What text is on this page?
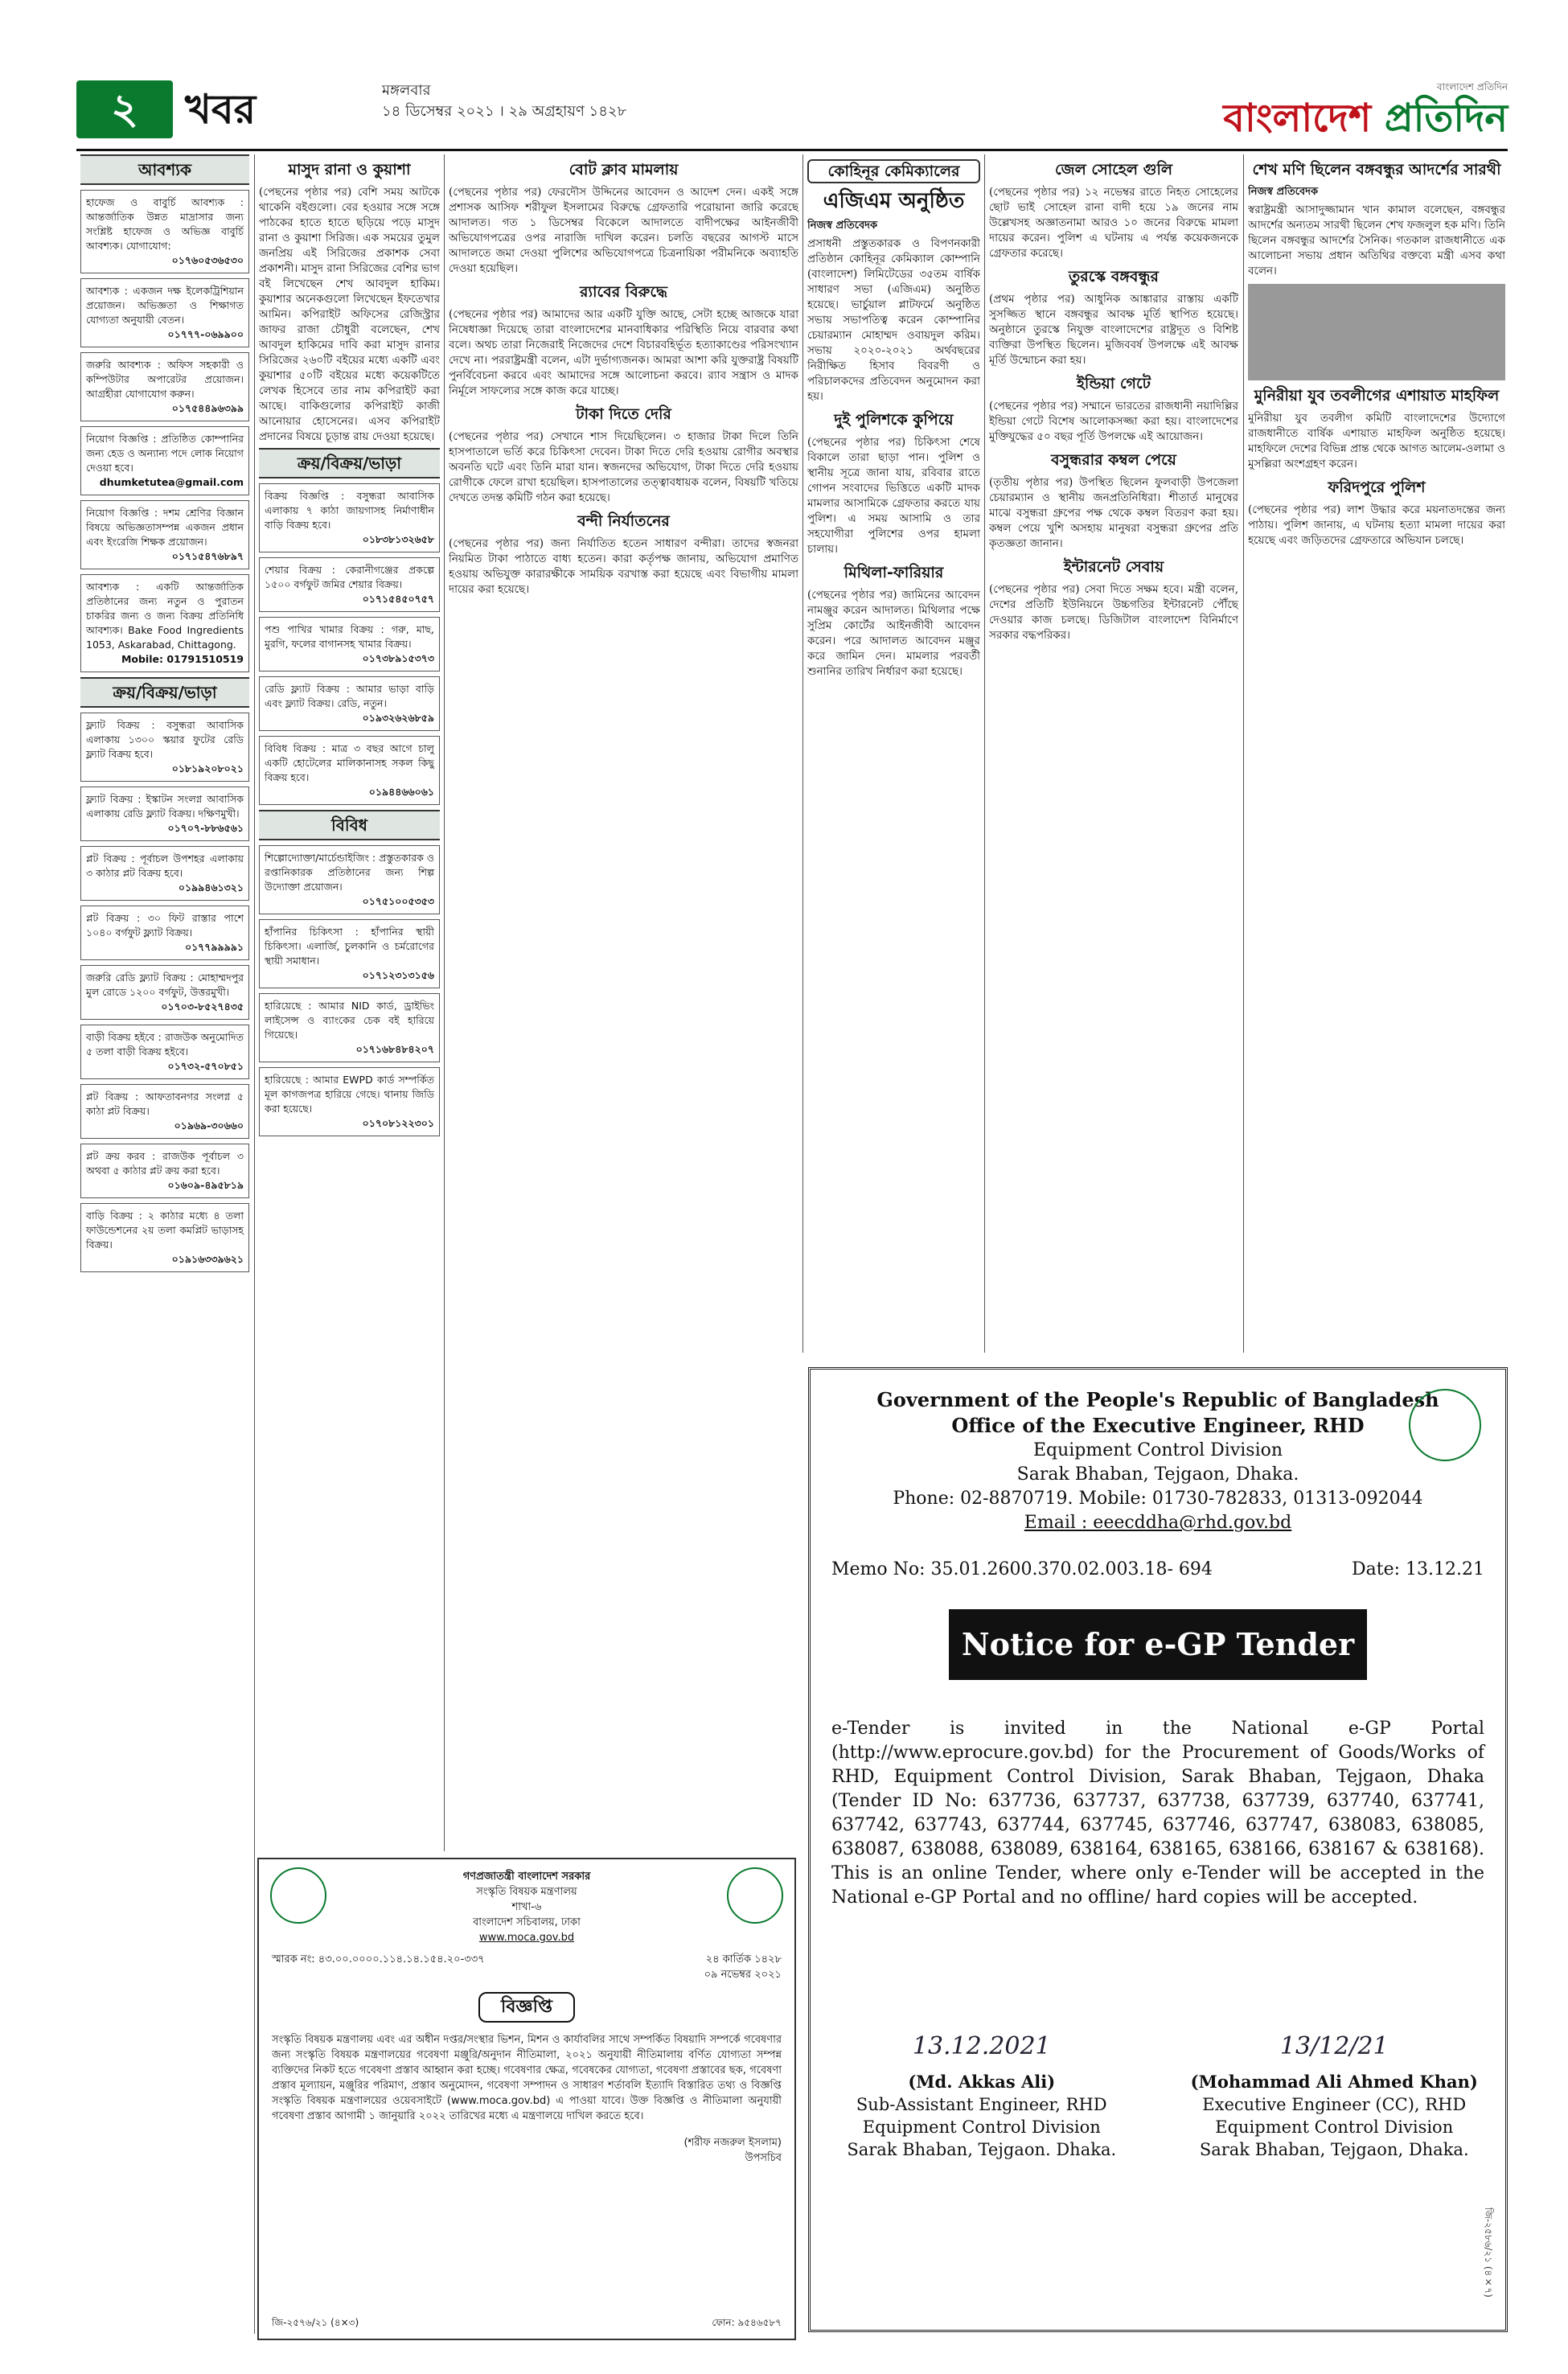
২	খবর	মঙ্গলবার
১৪ ডিসেম্বর ২০২১ । ২৯ অগ্রহায়ণ ১৪২৮
বাংলাদেশ প্রতিদিন
বাংলাদেশ প্রতিদিন
আবশ্যক
হাফেজ ও বাবুর্চি আবশ্যক : আন্তর্জাতিক উন্নত মাদ্রাসার জন্য সংশ্লিষ্ট হাফেজ ও অভিজ্ঞ বাবুর্চি আবশ্যক। যোগাযোগ:
০১৭৬০৫৩৬৫৩০
আবশ্যক : একজন দক্ষ ইলেকট্রিশিয়ান প্রয়োজন। অভিজ্ঞতা ও শিক্ষাগত যোগ্যতা অনুযায়ী বেতন।
০১৭৭৭-০৬৯৯০০
জরুরি আবশ্যক : অফিস সহকারী ও কম্পিউটার অপারেটর প্রয়োজন। আগ্রহীরা যোগাযোগ করুন।
০১৭৫৪৪৯৬৩৯৯
নিয়োগ বিজ্ঞপ্তি : প্রতিষ্ঠিত কোম্পানির জন্য হেড ও অন্যান্য পদে লোক নিয়োগ দেওয়া হবে।
dhumketutea@gmail.com
নিয়োগ বিজ্ঞপ্তি : দশম শ্রেণির বিজ্ঞান বিষয়ে অভিজ্ঞতাসম্পন্ন একজন প্রধান এবং ইংরেজি শিক্ষক প্রয়োজন।
০১৭১৫৪৭৬৮৯৭
আবশ্যক : একটি আন্তর্জাতিক প্রতিষ্ঠানের জন্য নতুন ও পুরাতন চাকরির জন্য ও জন্য বিক্রয় প্রতিনিধি আবশ্যক। Bake Food Ingredients 1053, Askarabad, Chittagong.
Mobile: 01791510519
ক্রয়/বিক্রয়/ভাড়া
ফ্ল্যাট বিক্রয় : বসুন্ধরা আবাসিক এলাকায় ১৩০০ স্কয়ার ফুটের রেডি ফ্ল্যাট বিক্রয় হবে।
০১৮১৯২০৮০২১
ফ্ল্যাট বিক্রয় : ইস্কাটন সংলগ্ন আবাসিক এলাকায় রেডি ফ্ল্যাট বিক্রয়। দক্ষিণমুখী।
০১৭০৭-৮৮৬৫৬১
প্লট বিক্রয় : পূর্বাচল উপশহর এলাকায় ৩ কাঠার প্লট বিক্রয় হবে।
০১৯৯৪৬১৩২১
প্লট বিক্রয় : ৩০ ফিট রাস্তার পাশে ১০৪০ বর্গফুট ফ্ল্যাট বিক্রয়।
০১৭৭৯৯৯৯১
জরুরি রেডি ফ্ল্যাট বিক্রয় : মোহাম্মদপুর মুল রোডে ১২০০ বর্গফুট, উত্তরমুখী।
০১৭০৩-৮৫২৭৪৩৫
বাড়ী বিক্রয় হইবে : রাজউক অনুমোদিত ৫ তলা বাড়ী বিক্রয় হইবে।
০১৭৩২-৫৭০৮৫১
প্লট বিক্রয় : আফতাবনগর সংলগ্ন ৫ কাঠা প্লট বিক্রয়।
০১৯৬৯-৩০৬৬০
প্লট ক্রয় করব : রাজউক পূর্বাচল ৩ অথবা ৫ কাঠার প্লট ক্রয় করা হবে।
০১৬০৯-৪৯৫৮১৯
বাড়ি বিক্রয় : ২ কাঠার মধ্যে ৪ তলা ফাউন্ডেশনের ২য় তলা কমপ্লিট ভাড়াসহ বিক্রয়।
০১৯১৬৩৩৯৬২১
মাসুদ রানা ও কুয়াশা

(পেছনের পৃষ্ঠার পর) বেশি সময় আটকে থাকেনি বইগুলো। বের হওয়ার সঙ্গে সঙ্গে পাঠকের হাতে হাতে ছড়িয়ে পড়ে মাসুদ রানা ও কুয়াশা সিরিজ। এক সময়ের তুমুল জনপ্রিয় এই সিরিজের প্রকাশক সেবা প্রকাশনী। মাসুদ রানা সিরিজের বেশির ভাগ বই লিখেছেন শেখ আবদুল হাকিম। কুয়াশার অনেকগুলো লিখেছেন ইফতেখার আমিন। কপিরাইট অফিসের রেজিস্ট্রার জাফর রাজা চৌধুরী বলেছেন, শেখ আবদুল হাকিমের দাবি করা মাসুদ রানার সিরিজের ২৬০টি বইয়ের মধ্যে একটি এবং কুয়াশার ৫০টি বইয়ের মধ্যে কয়েকটিতে লেখক হিসেবে তার নাম কপিরাইট করা আছে। বাকিগুলোর কপিরাইট কাজী আনোয়ার হোসেনের। এসব কপিরাইট প্রদানের বিষয়ে চূড়ান্ত রায় দেওয়া হয়েছে।

ক্রয়/বিক্রয়/ভাড়া
বিক্রয় বিজ্ঞপ্তি : বসুন্ধরা আবাসিক এলাকায় ৭ কাঠা জায়গাসহ নির্মাণাধীন বাড়ি বিক্রয় হবে।
০১৮৩৮১৩২৬৫৮
শেয়ার বিক্রয় : কেরানীগঞ্জের প্রকল্পে ১৫০০ বর্গফুট জমির শেয়ার বিক্রয়।
০১৭১৫৪৫০৭৫৭
পশু পাখির খামার বিক্রয় : গরু, মাছ, মুরগি, ফলের বাগানসহ খামার বিক্রয়।
০১৭৩৮৯১৫৩৭৩
রেডি ফ্ল্যাট বিক্রয় : আমার ভাড়া বাড়ি এবং ফ্ল্যাট বিক্রয়। রেডি, নতুন।
০১৯৩২৬২৬৮৫৯
বিবিধ বিক্রয় : মাত্র ৩ বছর আগে চালু একটি হোটেলের মালিকানাসহ সকল কিছু বিক্রয় হবে।
০১৯৪৪৬৬০৬১
বিবিধ
শিল্পোদ্যোক্তা/মার্চেন্ডাইজিং : প্রস্তুতকারক ও রপ্তানিকারক প্রতিষ্ঠানের জন্য শিল্প উদ্যোক্তা প্রয়োজন।
০১৭৫১০০৫৩৫৩
হাঁপানির চিকিৎসা : হাঁপানির স্থায়ী চিকিৎসা। এলার্জি, চুলকানি ও চর্মরোগের স্থায়ী সমাধান।
০১৭১২৩১৩১৫৬
হারিয়েছে : আমার NID কার্ড, ড্রাইভিং লাইসেন্স ও ব্যাংকের চেক বই হারিয়ে গিয়েছে।
০১৭১৬৮৪৮৪২০৭
হারিয়েছে : আমার EWPD কার্ড সম্পর্কিত মূল কাগজপত্র হারিয়ে গেছে। থানায় জিডি করা হয়েছে।
০১৭০৮১২২৩০১
বোট ক্লাব মামলায়

(পেছনের পৃষ্ঠার পর) ফেরদৌস উদ্দিনের আবেদন ও আদেশ দেন। একই সঙ্গে প্রশাসক আসিফ শরীফুল ইসলামের বিরুদ্ধে গ্রেফতারি পরোয়ানা জারি করেছে আদালত। গত ১ ডিসেম্বর বিকেলে আদালতে বাদীপক্ষের আইনজীবী অভিযোগপত্রের ওপর নারাজি দাখিল করেন। চলতি বছরের আগস্ট মাসে আদালতে জমা দেওয়া পুলিশের অভিযোগপত্রে চিত্রনায়িকা পরীমনিকে অব্যাহতি দেওয়া হয়েছিল।

র‌্যাবের বিরুদ্ধে

(পেছনের পৃষ্ঠার পর) আমাদের আর একটি যুক্তি আছে, সেটা হচ্ছে আজকে যারা নিষেধাজ্ঞা দিয়েছে তারা বাংলাদেশের মানবাধিকার পরিস্থিতি নিয়ে বারবার কথা বলে। অথচ তারা নিজেরাই নিজেদের দেশে বিচারবহির্ভূত হত্যাকাণ্ডের পরিসংখ্যান দেখে না। পররাষ্ট্রমন্ত্রী বলেন, এটা দুর্ভাগ্যজনক। আমরা আশা করি যুক্তরাষ্ট্র বিষয়টি পুনর্বিবেচনা করবে এবং আমাদের সঙ্গে আলোচনা করবে। র‌্যাব সন্ত্রাস ও মাদক নির্মূলে সাফল্যের সঙ্গে কাজ করে যাচ্ছে।

টাকা দিতে দেরি

(পেছনের পৃষ্ঠার পর) সেখানে শাস দিয়েছিলেন। ৩ হাজার টাকা দিলে তিনি হাসপাতালে ভর্তি করে চিকিৎসা দেবেন। টাকা দিতে দেরি হওয়ায় রোগীর অবস্থার অবনতি ঘটে এবং তিনি মারা যান। স্বজনদের অভিযোগ, টাকা দিতে দেরি হওয়ায় রোগীকে ফেলে রাখা হয়েছিল। হাসপাতালের তত্ত্বাবধায়ক বলেন, বিষয়টি খতিয়ে দেখতে তদন্ত কমিটি গঠন করা হয়েছে।

বন্দী নির্যাতনের

(পেছনের পৃষ্ঠার পর) জন্য নির্যাতিত হতেন সাধারণ বন্দীরা। তাদের স্বজনরা নিয়মিত টাকা পাঠাতে বাধ্য হতেন। কারা কর্তৃপক্ষ জানায়, অভিযোগ প্রমাণিত হওয়ায় অভিযুক্ত কারারক্ষীকে সাময়িক বরখাস্ত করা হয়েছে এবং বিভাগীয় মামলা দায়ের করা হয়েছে।

কোহিনূর কেমিক্যালের
এজিএম অনুষ্ঠিত
নিজস্ব প্রতিবেদক

প্রসাধনী প্রস্তুতকারক ও বিপণনকারী প্রতিষ্ঠান কোহিনূর কেমিক্যাল কোম্পানি (বাংলাদেশ) লিমিটেডের ৩৫তম বার্ষিক সাধারণ সভা (এজিএম) অনুষ্ঠিত হয়েছে। ভার্চুয়াল প্লাটফর্মে অনুষ্ঠিত সভায় সভাপতিত্ব করেন কোম্পানির চেয়ারম্যান মোহাম্মদ ওবায়দুল করিম। সভায় ২০২০-২০২১ অর্থবছরের নিরীক্ষিত হিসাব বিবরণী ও পরিচালকদের প্রতিবেদন অনুমোদন করা হয়।

দুই পুলিশকে কুপিয়ে

(পেছনের পৃষ্ঠার পর) চিকিৎসা শেষে বিকালে তারা ছাড়া পান। পুলিশ ও স্থানীয় সূত্রে জানা যায়, রবিবার রাতে গোপন সংবাদের ভিত্তিতে একটি মাদক মামলার আসামিকে গ্রেফতার করতে যায় পুলিশ। এ সময় আসামি ও তার সহযোগীরা পুলিশের ওপর হামলা চালায়।

মিথিলা-ফারিয়ার

(পেছনের পৃষ্ঠার পর) জামিনের আবেদন নামঞ্জুর করেন আদালত। মিথিলার পক্ষে সুপ্রিম কোর্টের আইনজীবী আবেদন করেন। পরে আদালত আবেদন মঞ্জুর করে জামিন দেন। মামলার পরবর্তী শুনানির তারিখ নির্ধারণ করা হয়েছে।

জেল সোহেল গুলি

(পেছনের পৃষ্ঠার পর) ১২ নভেম্বর রাতে নিহত সোহেলের ছোট ভাই সোহেল রানা বাদী হয়ে ১৯ জনের নাম উল্লেখসহ অজ্ঞাতনামা আরও ১০ জনের বিরুদ্ধে মামলা দায়ের করেন। পুলিশ এ ঘটনায় এ পর্যন্ত কয়েকজনকে গ্রেফতার করেছে।

তুরস্কে বঙ্গবন্ধুর

(প্রথম পৃষ্ঠার পর) আধুনিক আঙ্কারার রাস্তায় একটি সুসজ্জিত স্থানে বঙ্গবন্ধুর আবক্ষ মূর্তি স্থাপিত হয়েছে। অনুষ্ঠানে তুরস্কে নিযুক্ত বাংলাদেশের রাষ্ট্রদূত ও বিশিষ্ট ব্যক্তিরা উপস্থিত ছিলেন। মুজিববর্ষ উপলক্ষে এই আবক্ষ মূর্তি উন্মোচন করা হয়।

ইন্ডিয়া গেটে

(পেছনের পৃষ্ঠার পর) সম্মানে ভারতের রাজধানী নয়াদিল্লির ইন্ডিয়া গেটে বিশেষ আলোকসজ্জা করা হয়। বাংলাদেশের মুক্তিযুদ্ধের ৫০ বছর পূর্তি উপলক্ষে এই আয়োজন।

বসুন্ধরার কম্বল পেয়ে

(তৃতীয় পৃষ্ঠার পর) উপস্থিত ছিলেন ফুলবাড়ী উপজেলা চেয়ারম্যান ও স্থানীয় জনপ্রতিনিধিরা। শীতার্ত মানুষের মাঝে বসুন্ধরা গ্রুপের পক্ষ থেকে কম্বল বিতরণ করা হয়। কম্বল পেয়ে খুশি অসহায় মানুষরা বসুন্ধরা গ্রুপের প্রতি কৃতজ্ঞতা জানান।

ইন্টারনেট সেবায়

(পেছনের পৃষ্ঠার পর) সেবা দিতে সক্ষম হবে। মন্ত্রী বলেন, দেশের প্রতিটি ইউনিয়নে উচ্চগতির ইন্টারনেট পৌঁছে দেওয়ার কাজ চলছে। ডিজিটাল বাংলাদেশ বিনির্মাণে সরকার বদ্ধপরিকর।

শেখ মণি ছিলেন বঙ্গবন্ধুর আদর্শের সারথী
নিজস্ব প্রতিবেদক

স্বরাষ্ট্রমন্ত্রী আসাদুজ্জামান খান কামাল বলেছেন, বঙ্গবন্ধুর আদর্শের অন্যতম সারথী ছিলেন শেখ ফজলুল হক মণি। তিনি ছিলেন বঙ্গবন্ধুর আদর্শের সৈনিক। গতকাল রাজধানীতে এক আলোচনা সভায় প্রধান অতিথির বক্তব্যে মন্ত্রী এসব কথা বলেন।

মুনিরীয়া যুব তবলীগের এশায়াত মাহফিল

মুনিরীয়া যুব তবলীগ কমিটি বাংলাদেশের উদ্যোগে রাজধানীতে বার্ষিক এশায়াত মাহফিল অনুষ্ঠিত হয়েছে। মাহফিলে দেশের বিভিন্ন প্রান্ত থেকে আগত আলেম-ওলামা ও মুসল্লিরা অংশগ্রহণ করেন।

ফরিদপুরে পুলিশ

(পেছনের পৃষ্ঠার পর) লাশ উদ্ধার করে ময়নাতদন্তের জন্য পাঠায়। পুলিশ জানায়, এ ঘটনায় হত্যা মামলা দায়ের করা হয়েছে এবং জড়িতদের গ্রেফতারে অভিযান চলছে।

গণপ্রজাতন্ত্রী বাংলাদেশ সরকার
সংস্কৃতি বিষয়ক মন্ত্রণালয়
শাখা-৬
বাংলাদেশ সচিবালয়, ঢাকা
www.moca.gov.bd
স্মারক নং: ৪৩.০০.০০০০.১১৪.১৪.১৫৪.২০-৩৩৭	২৪ কার্তিক ১৪২৮
০৯ নভেম্বর ২০২১
বিজ্ঞপ্তি

সংস্কৃতি বিষয়ক মন্ত্রণালয় এবং এর অধীন দপ্তর/সংস্থার ভিশন, মিশন ও কার্যাবলির সাথে সম্পর্কিত বিষয়াদি সম্পর্কে গবেষণার জন্য সংস্কৃতি বিষয়ক মন্ত্রণালয়ের গবেষণা মঞ্জুরি/অনুদান নীতিমালা, ২০২১ অনুযায়ী নীতিমালায় বর্ণিত যোগ্যতা সম্পন্ন ব্যক্তিদের নিকট হতে গবেষণা প্রস্তাব আহ্বান করা হচ্ছে। গবেষণার ক্ষেত্র, গবেষকের যোগ্যতা, গবেষণা প্রস্তাবের ছক, গবেষণা প্রস্তাব মূল্যায়ন, মঞ্জুরির পরিমাণ, প্রস্তাব অনুমোদন, গবেষণা সম্পাদন ও সাধারণ শর্তাবলি ইত্যাদি বিস্তারিত তথ্য ও বিজ্ঞপ্তি সংস্কৃতি বিষয়ক মন্ত্রণালয়ের ওয়েবসাইটে (www.moca.gov.bd) এ পাওয়া যাবে। উক্ত বিজ্ঞপ্তি ও নীতিমালা অনুযায়ী গবেষণা প্রস্তাব আগামী ১ জানুয়ারি ২০২২ তারিখের মধ্যে এ মন্ত্রণালয়ে দাখিল করতে হবে।

(শরীফ নজরুল ইসলাম)
উপসচিব
জি-২৫৭৬/২১ (৪×৩)	ফোন: ৯৫৪৬৫৮৭
Government of the People's Republic of Bangladesh
Office of the Executive Engineer, RHD
Equipment Control Division
Sarak Bhaban, Tejgaon, Dhaka.
Phone: 02-8870719. Mobile: 01730-782833, 01313-092044
Email : eeecddha@rhd.gov.bd
Memo No: 35.01.2600.370.02.003.18- 694	Date: 13.12.21
Notice for e-GP Tender

e-Tender is invited in the National e-GP Portal (http://www.eprocure.gov.bd) for the Procurement of Goods/Works of RHD, Equipment Control Division, Sarak Bhaban, Tejgaon, Dhaka (Tender ID No: 637736, 637737, 637738, 637739, 637740, 637741, 637742, 637743, 637744, 637745, 637746, 637747, 638083, 638085, 638087, 638088, 638089, 638164, 638165, 638166, 638167 & 638168). This is an online Tender, where only e-Tender will be accepted in the National e-GP Portal and no offline/ hard copies will be accepted.

13.12.2021
(Md. Akkas Ali)
Sub-Assistant Engineer, RHD
Equipment Control Division
Sarak Bhaban, Tejgaon. Dhaka.
13/12/21
(Mohammad Ali Ahmed Khan)
Executive Engineer (CC), RHD
Equipment Control Division
Sarak Bhaban, Tejgaon, Dhaka.
জি-২৫৮৬/২১ (৪×৭)
